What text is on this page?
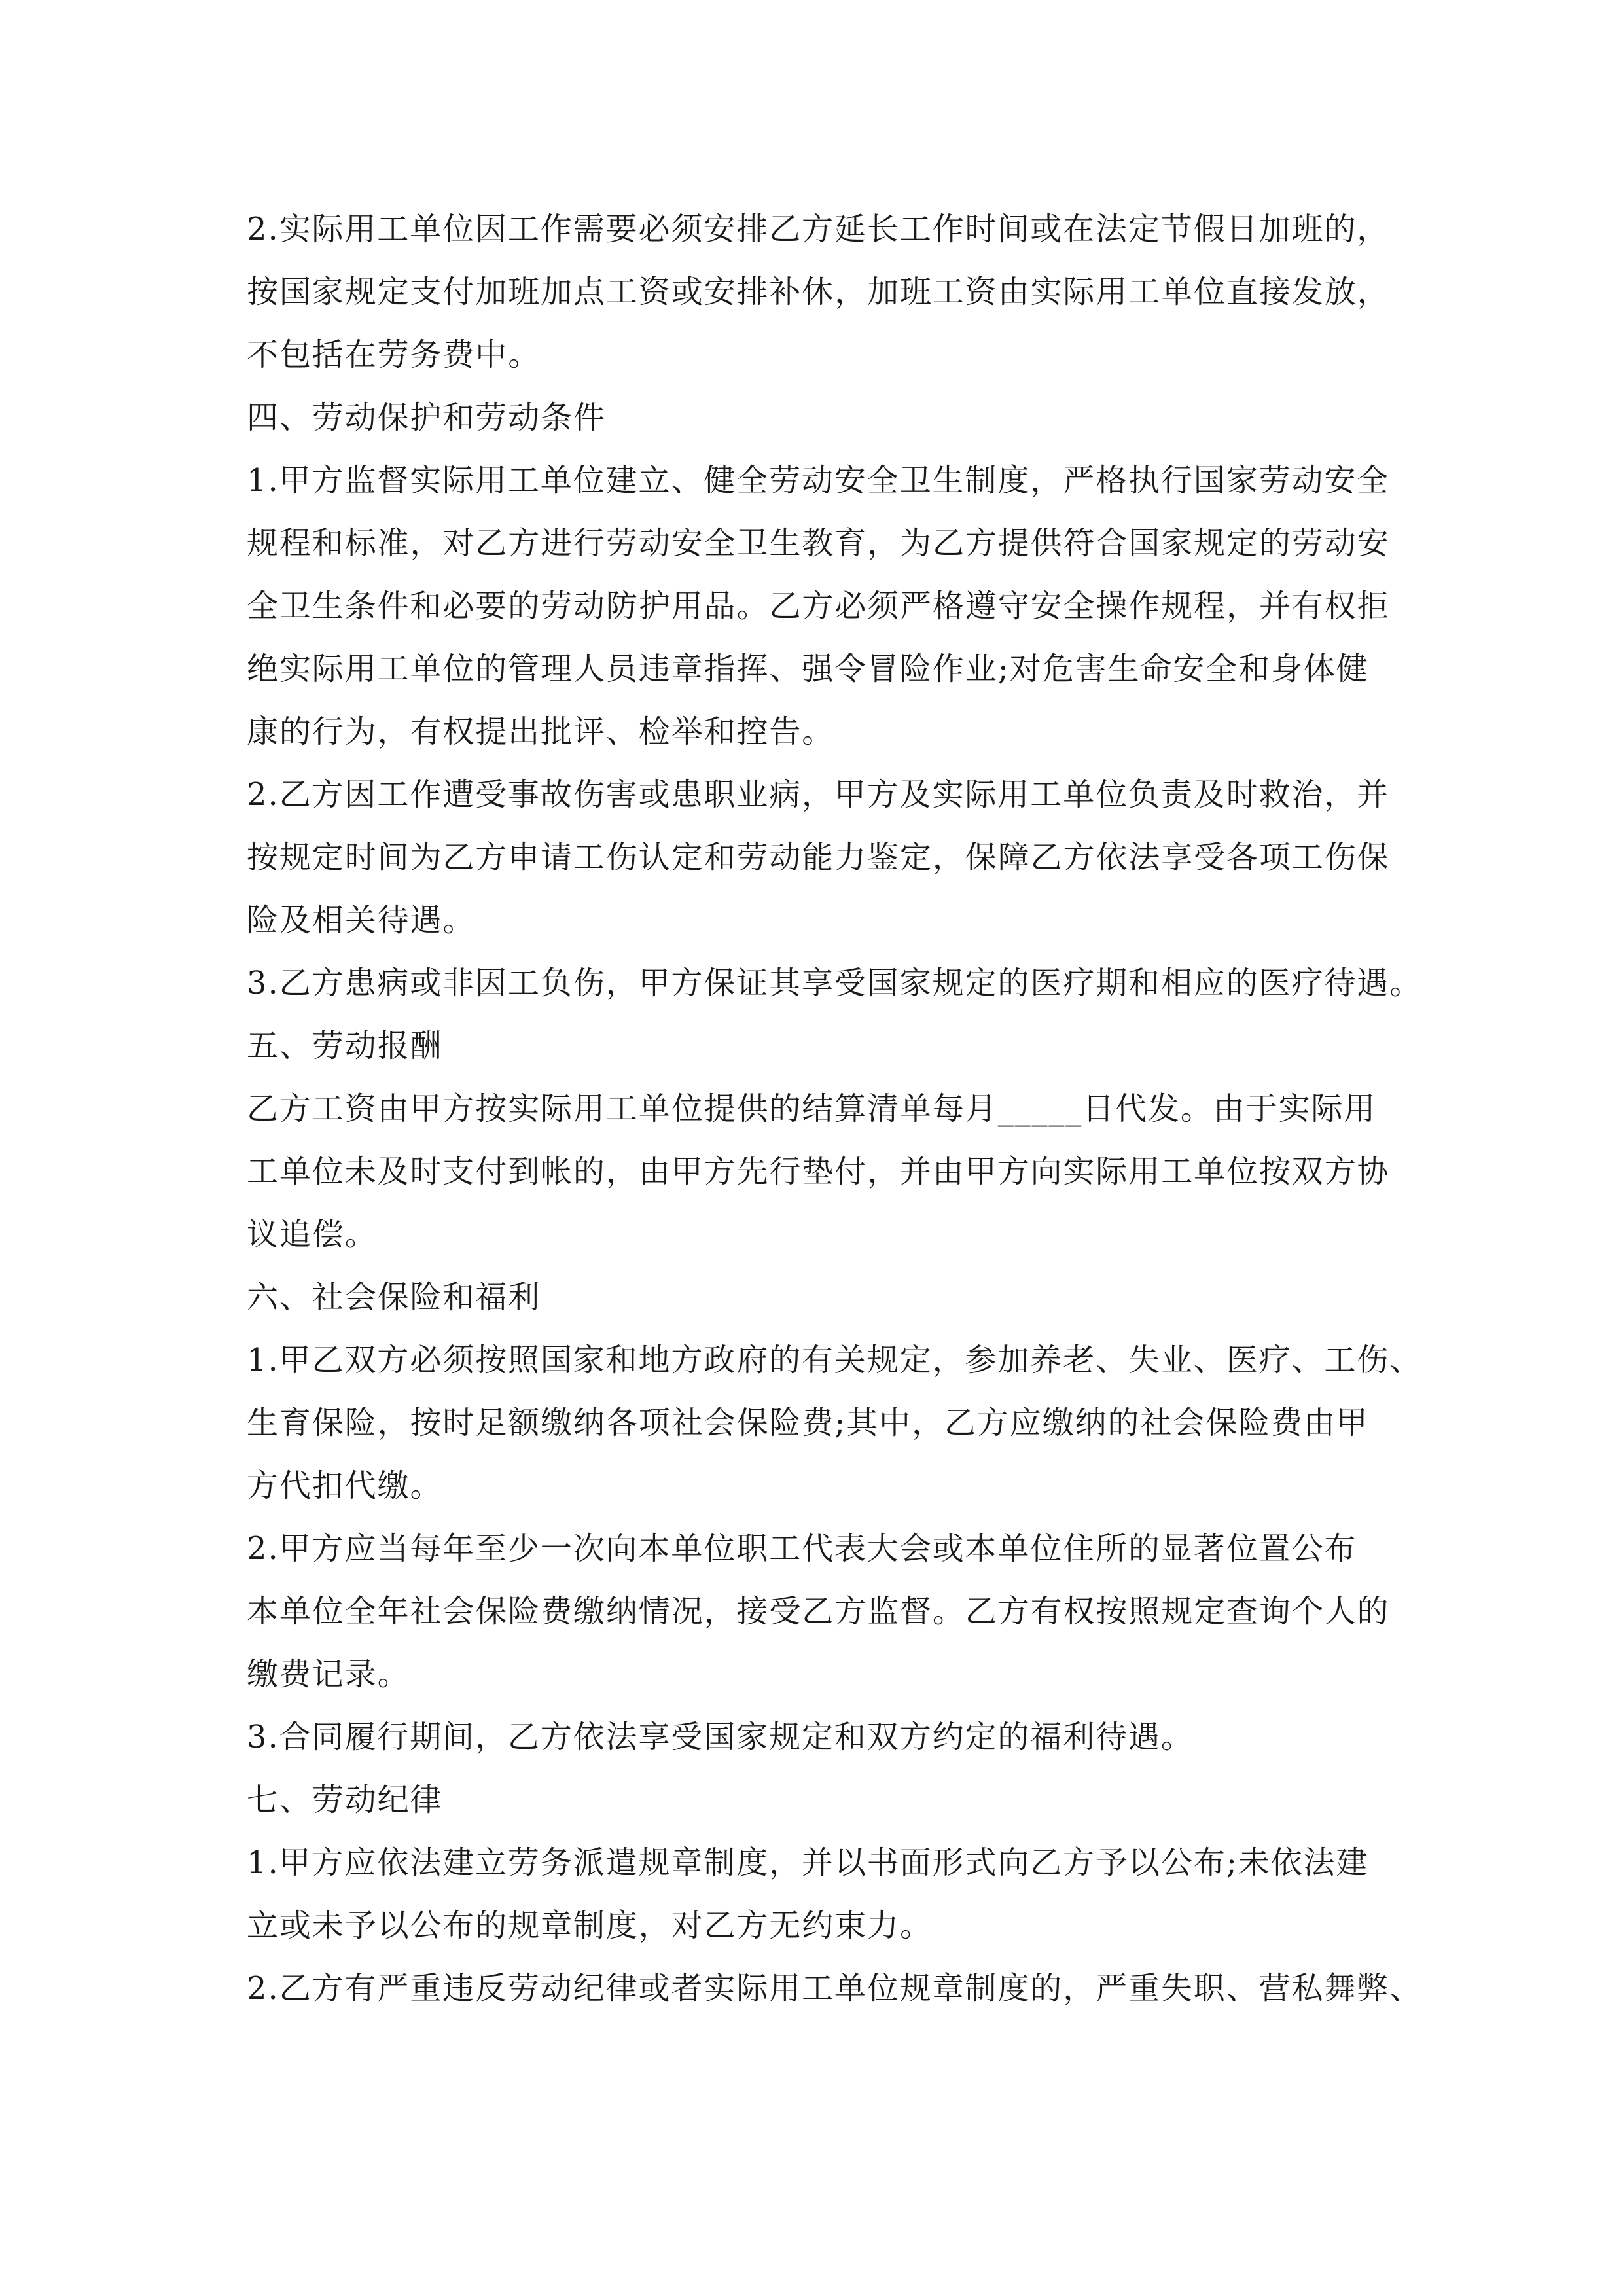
2.实际用工单位因工作需要必须安排乙方延长工作时间或在法定节假日加班的，

按国家规定支付加班加点工资或安排补休，加班工资由实际用工单位直接发放，

不包括在劳务费中。

四、劳动保护和劳动条件

1.甲方监督实际用工单位建立、健全劳动安全卫生制度，严格执行国家劳动安全

规程和标准，对乙方进行劳动安全卫生教育，为乙方提供符合国家规定的劳动安

全卫生条件和必要的劳动防护用品。乙方必须严格遵守安全操作规程，并有权拒

绝实际用工单位的管理人员违章指挥、强令冒险作业;对危害生命安全和身体健

康的行为，有权提出批评、检举和控告。

2.乙方因工作遭受事故伤害或患职业病，甲方及实际用工单位负责及时救治，并

按规定时间为乙方申请工伤认定和劳动能力鉴定，保障乙方依法享受各项工伤保

险及相关待遇。

3.乙方患病或非因工负伤，甲方保证其享受国家规定的医疗期和相应的医疗待遇。

五、劳动报酬

乙方工资由甲方按实际用工单位提供的结算清单每月_____日代发。由于实际用

工单位未及时支付到帐的，由甲方先行垫付，并由甲方向实际用工单位按双方协

议追偿。

六、社会保险和福利

1.甲乙双方必须按照国家和地方政府的有关规定，参加养老、失业、医疗、工伤、

生育保险，按时足额缴纳各项社会保险费;其中，乙方应缴纳的社会保险费由甲

方代扣代缴。

2.甲方应当每年至少一次向本单位职工代表大会或本单位住所的显著位置公布

本单位全年社会保险费缴纳情况，接受乙方监督。乙方有权按照规定查询个人的

缴费记录。

3.合同履行期间，乙方依法享受国家规定和双方约定的福利待遇。

七、劳动纪律

1.甲方应依法建立劳务派遣规章制度，并以书面形式向乙方予以公布;未依法建

立或未予以公布的规章制度，对乙方无约束力。

2.乙方有严重违反劳动纪律或者实际用工单位规章制度的，严重失职、营私舞弊、
